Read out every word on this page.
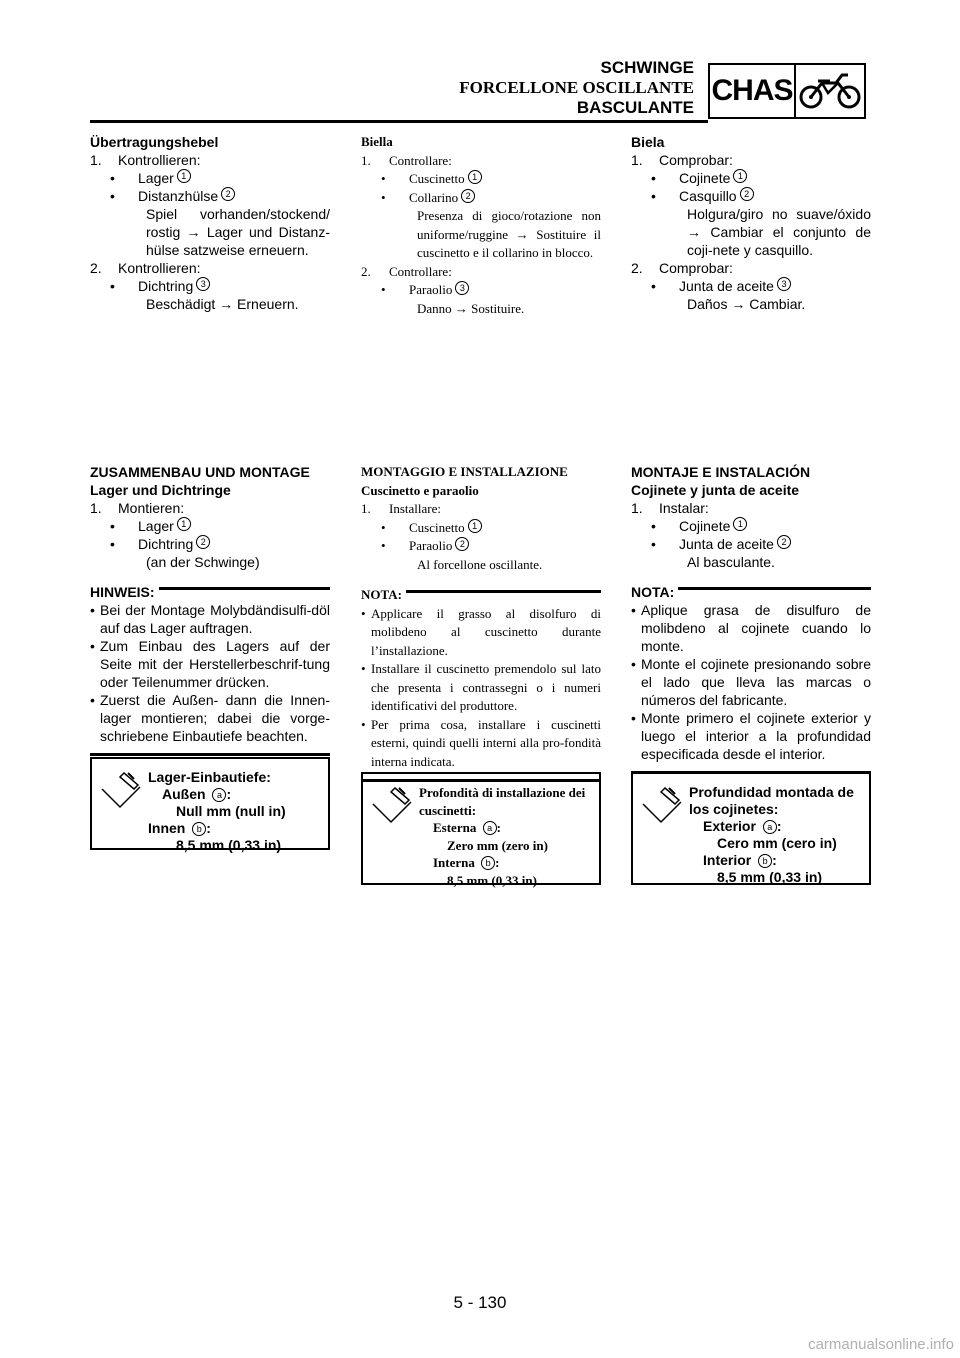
SCHWINGE
FORCELLONE OSCILLANTE
BASCULANTE
CHAS
Übertragungshebel
1.	Kontrollieren:
•	Lager 1
•	Distanzhülse 2
Spiel vorhanden/stockend/ rostig → Lager und Distanz-hülse satzweise erneuern.
2.	Kontrollieren:
•	Dichtring 3
Beschädigt → Erneuern.
Biella
1.	Controllare:
•	Cuscinetto 1
•	Collarino 2
Presenza di gioco/rotazione non uniforme/ruggine → Sostituire il cuscinetto e il collarino in blocco.
2.	Controllare:
•	Paraolio 3
Danno → Sostituire.
Biela
1.	Comprobar:
•	Cojinete 1
•	Casquillo 2
Holgura/giro no suave/óxido → Cambiar el conjunto de coji-nete y casquillo.
2.	Comprobar:
•	Junta de aceite 3
Daños → Cambiar.
ZUSAMMENBAU UND MONTAGE
Lager und Dichtringe
1.	Montieren:
•	Lager 1
•	Dichtring 2
(an der Schwinge)
HINWEIS:
• Bei der Montage Molybdändisulfi-döl auf das Lager auftragen.
• Zum Einbau des Lagers auf der Seite mit der Herstellerbeschrif-tung oder Teilenummer drücken.
• Zuerst die Außen- dann die Innen-lager montieren; dabei die vorge-schriebene Einbautiefe beachten.
MONTAGGIO E INSTALLAZIONE
Cuscinetto e paraolio
1.	Installare:
•	Cuscinetto 1
•	Paraolio 2
Al forcellone oscillante.
NOTA:
• Applicare il grasso al disolfuro di molibdeno al cuscinetto durante l’installazione.
• Installare il cuscinetto premendolo sul lato che presenta i contrassegni o i numeri identificativi del produttore.
• Per prima cosa, installare i cuscinetti esterni, quindi quelli interni alla pro-fondità interna indicata.
MONTAJE E INSTALACIÓN
Cojinete y junta de aceite
1.	Instalar:
•	Cojinete 1
•	Junta de aceite 2
Al basculante.
NOTA:
• Aplique grasa de disulfuro de molibdeno al cojinete cuando lo monte.
• Monte el cojinete presionando sobre el lado que lleva las marcas o números del fabricante.
• Monte primero el cojinete exterior y luego el interior a la profundidad especificada desde el interior.
Lager-Einbautiefe:
Außen a :
Null mm (null in)
Innen b :
8,5 mm (0,33 in)
Profondità di installazione dei cuscinetti:
Esterna a :
Zero mm (zero in)
Interna b :
8,5 mm (0,33 in)
Profundidad montada de los cojinetes:
Exterior a :
Cero mm (cero in)
Interior b :
8,5 mm (0,33 in)
5 - 130
carmanualsonline.info
